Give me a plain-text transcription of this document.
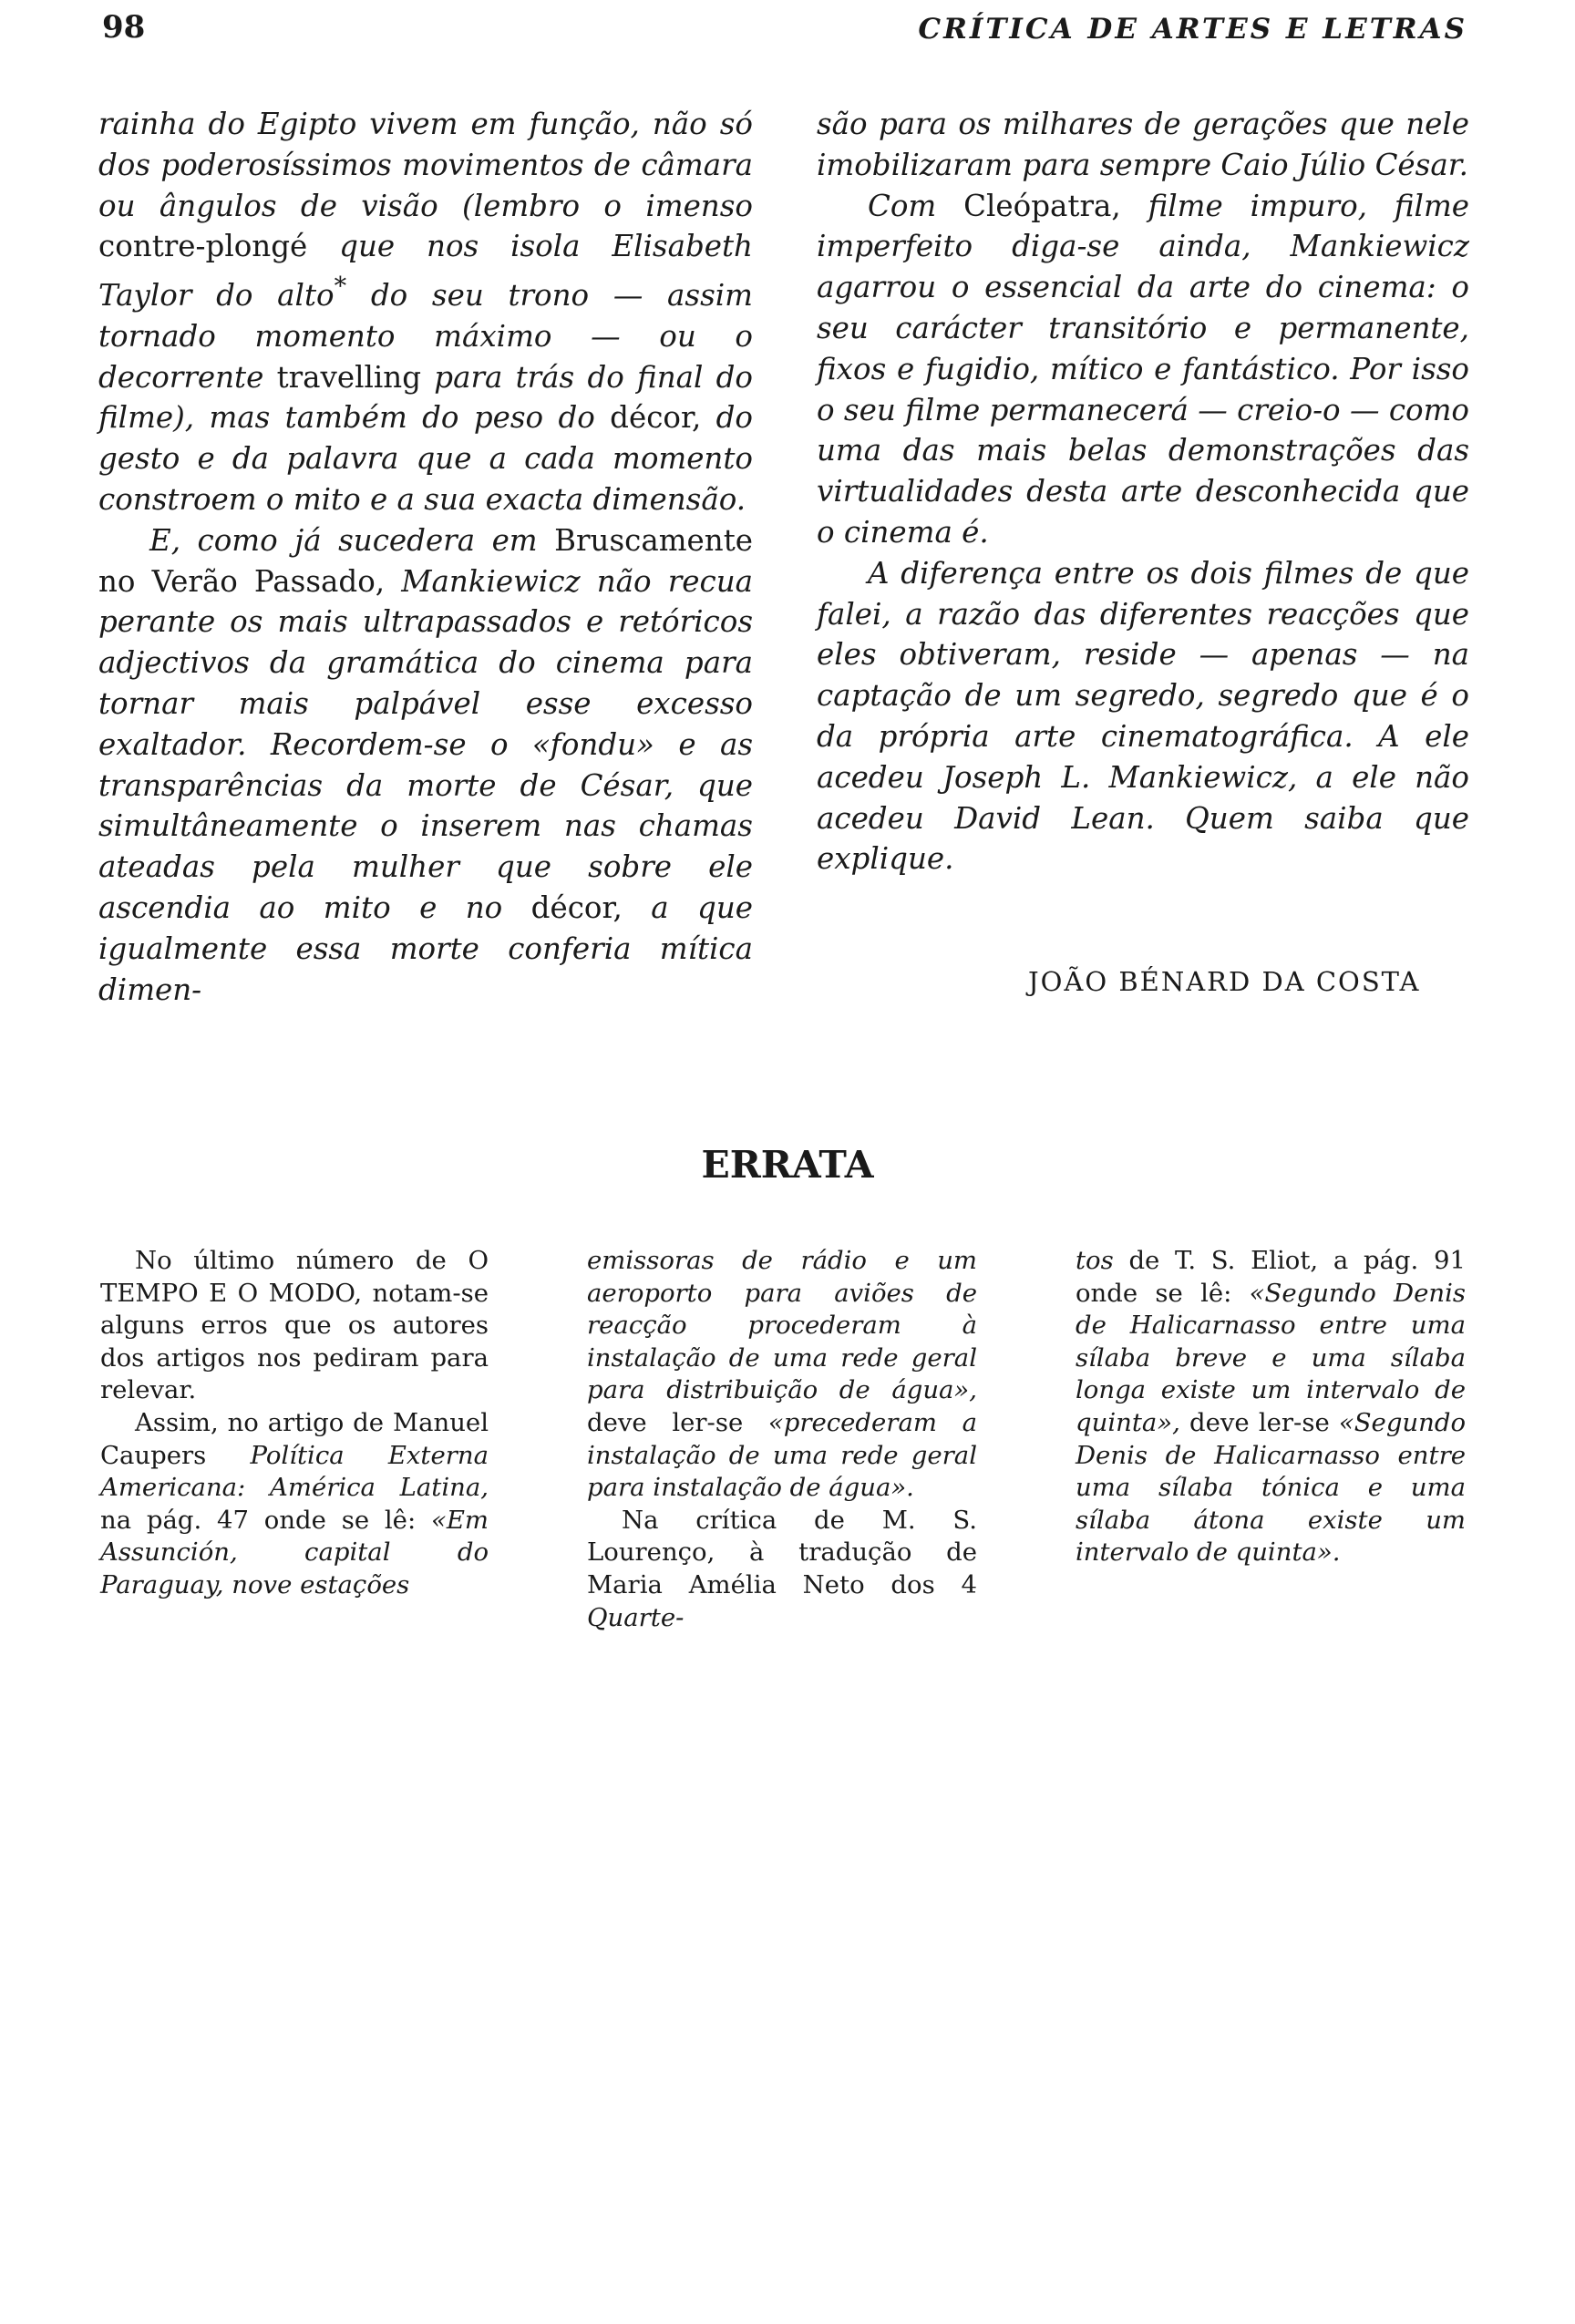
98	CRÍTICA DE ARTES E LETRAS

rainha do Egipto vivem em função, não só dos poderosíssimos movimentos de câmara ou ângulos de visão (lembro o imenso contre-plongé que nos isola Elisabeth Taylor do alto* do seu trono — assim tornado momento máximo — ou o decorrente travelling para trás do final do filme), mas também do peso do décor, do gesto e da palavra que a cada momento constroem o mito e a sua exacta dimensão.

E, como já sucedera em Bruscamente no Verão Passado, Mankiewicz não recua perante os mais ultrapassados e retóricos adjectivos da gramática do cinema para tornar mais palpável esse excesso exaltador. Recordem-se o «fondu» e as transparências da morte de César, que simultâneamente o inserem nas chamas ateadas pela mulher que sobre ele ascendia ao mito e no décor, a que igualmente essa morte conferia mítica dimen-

são para os milhares de gerações que nele imobilizaram para sempre Caio Júlio César.

Com Cleópatra, filme impuro, filme imperfeito diga-se ainda, Mankiewicz agarrou o essencial da arte do cinema: o seu carácter transitório e permanente, fixos e fugidio, mítico e fantástico. Por isso o seu filme permanecerá — creio-o — como uma das mais belas demonstrações das virtualidades desta arte desconhecida que o cinema é.

A diferença entre os dois filmes de que falei, a razão das diferentes reacções que eles obtiveram, reside — apenas — na captação de um segredo, segredo que é o da própria arte cinematográfica. A ele acedeu Joseph L. Mankiewicz, a ele não acedeu David Lean. Quem saiba que explique.

JOÃO BÉNARD DA COSTA
ERRATA

No último número de O TEMPO E O MODO, notam-se alguns erros que os autores dos artigos nos pediram para relevar.

Assim, no artigo de Manuel Caupers Política Externa Americana: América Latina, na pág. 47 onde se lê: «Em Assunción, capital do Paraguay, nove estações

emissoras de rádio e um aeroporto para aviões de reacção procederam à instalação de uma rede geral para distribuição de água», deve ler-se «precederam a instalação de uma rede geral para instalação de água».

Na crítica de M. S. Lourenço, à tradução de Maria Amélia Neto dos 4 Quarte-

tos de T. S. Eliot, a pág. 91 onde se lê: «Segundo Denis de Halicarnasso entre uma sílaba breve e uma sílaba longa existe um intervalo de quinta», deve ler-se «Segundo Denis de Halicarnasso entre uma sílaba tónica e uma sílaba átona existe um intervalo de quinta».
